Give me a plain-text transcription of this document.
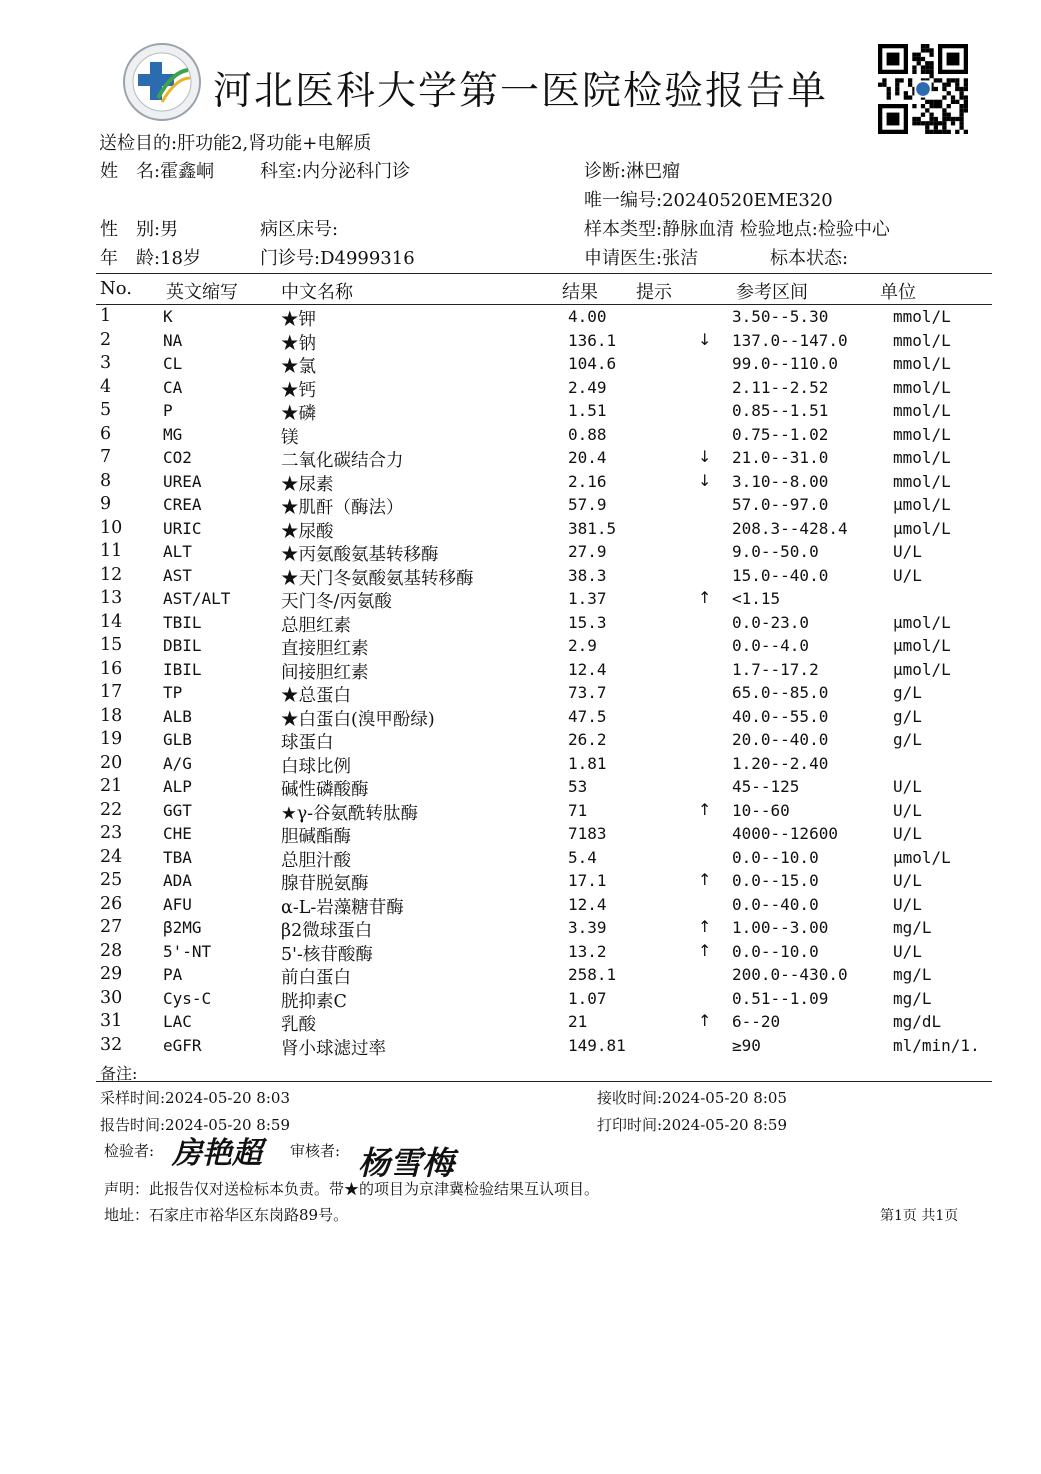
河北医科大学第一医院检验报告单
送检目的:肝功能2,肾功能+电解质
姓　名:霍鑫峒	科室:内分泌科门诊	诊断:淋巴瘤
唯一编号:20240520EME320
性　别:男	病区床号:	样本类型:静脉血清 检验地点:检验中心
年　龄:18岁	门诊号:D4999316	申请医生:张洁	标本状态:
No. 英文缩写 中文名称	结果 提示	参考区间	单位
1	K	★钾	4.00	3.50--5.30	mmol/L
2	NA	★钠	136.1	↓ 137.0--147.0	mmol/L
3	CL	★氯	104.6	99.0--110.0	mmol/L
4	CA	★钙	2.49	2.11--2.52	mmol/L
5	P	★磷	1.51	0.85--1.51	mmol/L
6	MG	镁	0.88	0.75--1.02	mmol/L
7	CO2	二氧化碳结合力	20.4	↓ 21.0--31.0	mmol/L
8	UREA	★尿素	2.16	↓ 3.10--8.00	mmol/L
9	CREA	★肌酐（酶法）	57.9	57.0--97.0	μmol/L
10	URIC	★尿酸	381.5	208.3--428.4	μmol/L
11	ALT	★丙氨酸氨基转移酶	27.9	9.0--50.0	U/L
12	AST	★天门冬氨酸氨基转移酶	38.3	15.0--40.0	U/L
13	AST/ALT	天门冬/丙氨酸	1.37	↑ <1.15
14	TBIL	总胆红素	15.3	0.0-23.0	μmol/L
15	DBIL	直接胆红素	2.9	0.0--4.0	μmol/L
16	IBIL	间接胆红素	12.4	1.7--17.2	μmol/L
17	TP	★总蛋白	73.7	65.0--85.0	g/L
18	ALB	★白蛋白(溴甲酚绿)	47.5	40.0--55.0	g/L
19	GLB	球蛋白	26.2	20.0--40.0	g/L
20	A/G	白球比例	1.81	1.20--2.40
21	ALP	碱性磷酸酶	53	45--125	U/L
22	GGT	★γ-谷氨酰转肽酶	71	↑ 10--60	U/L
23	CHE	胆碱酯酶	7183	4000--12600	U/L
24	TBA	总胆汁酸	5.4	0.0--10.0	μmol/L
25	ADA	腺苷脱氨酶	17.1	↑ 0.0--15.0	U/L
26	AFU	α-L-岩藻糖苷酶	12.4	0.0--40.0	U/L
27	β2MG	β2微球蛋白	3.39	↑ 1.00--3.00	mg/L
28	5'-NT	5'-核苷酸酶	13.2	↑ 0.0--10.0	U/L
29	PA	前白蛋白	258.1	200.0--430.0	mg/L
30	Cys-C	胱抑素C	1.07	0.51--1.09	mg/L
31	LAC	乳酸	21	↑ 6--20	mg/dL
32	eGFR	肾小球滤过率	149.81	≥90	ml/min/1.
备注:
采样时间:2024-05-20 8:03	接收时间:2024-05-20 8:05
报告时间:2024-05-20 8:59	打印时间:2024-05-20 8:59
检验者: 房艳超 审核者: 杨雪梅
声明：此报告仅对送检标本负责。带★的项目为京津冀检验结果互认项目。
地址：石家庄市裕华区东岗路89号。	第1页 共1页
